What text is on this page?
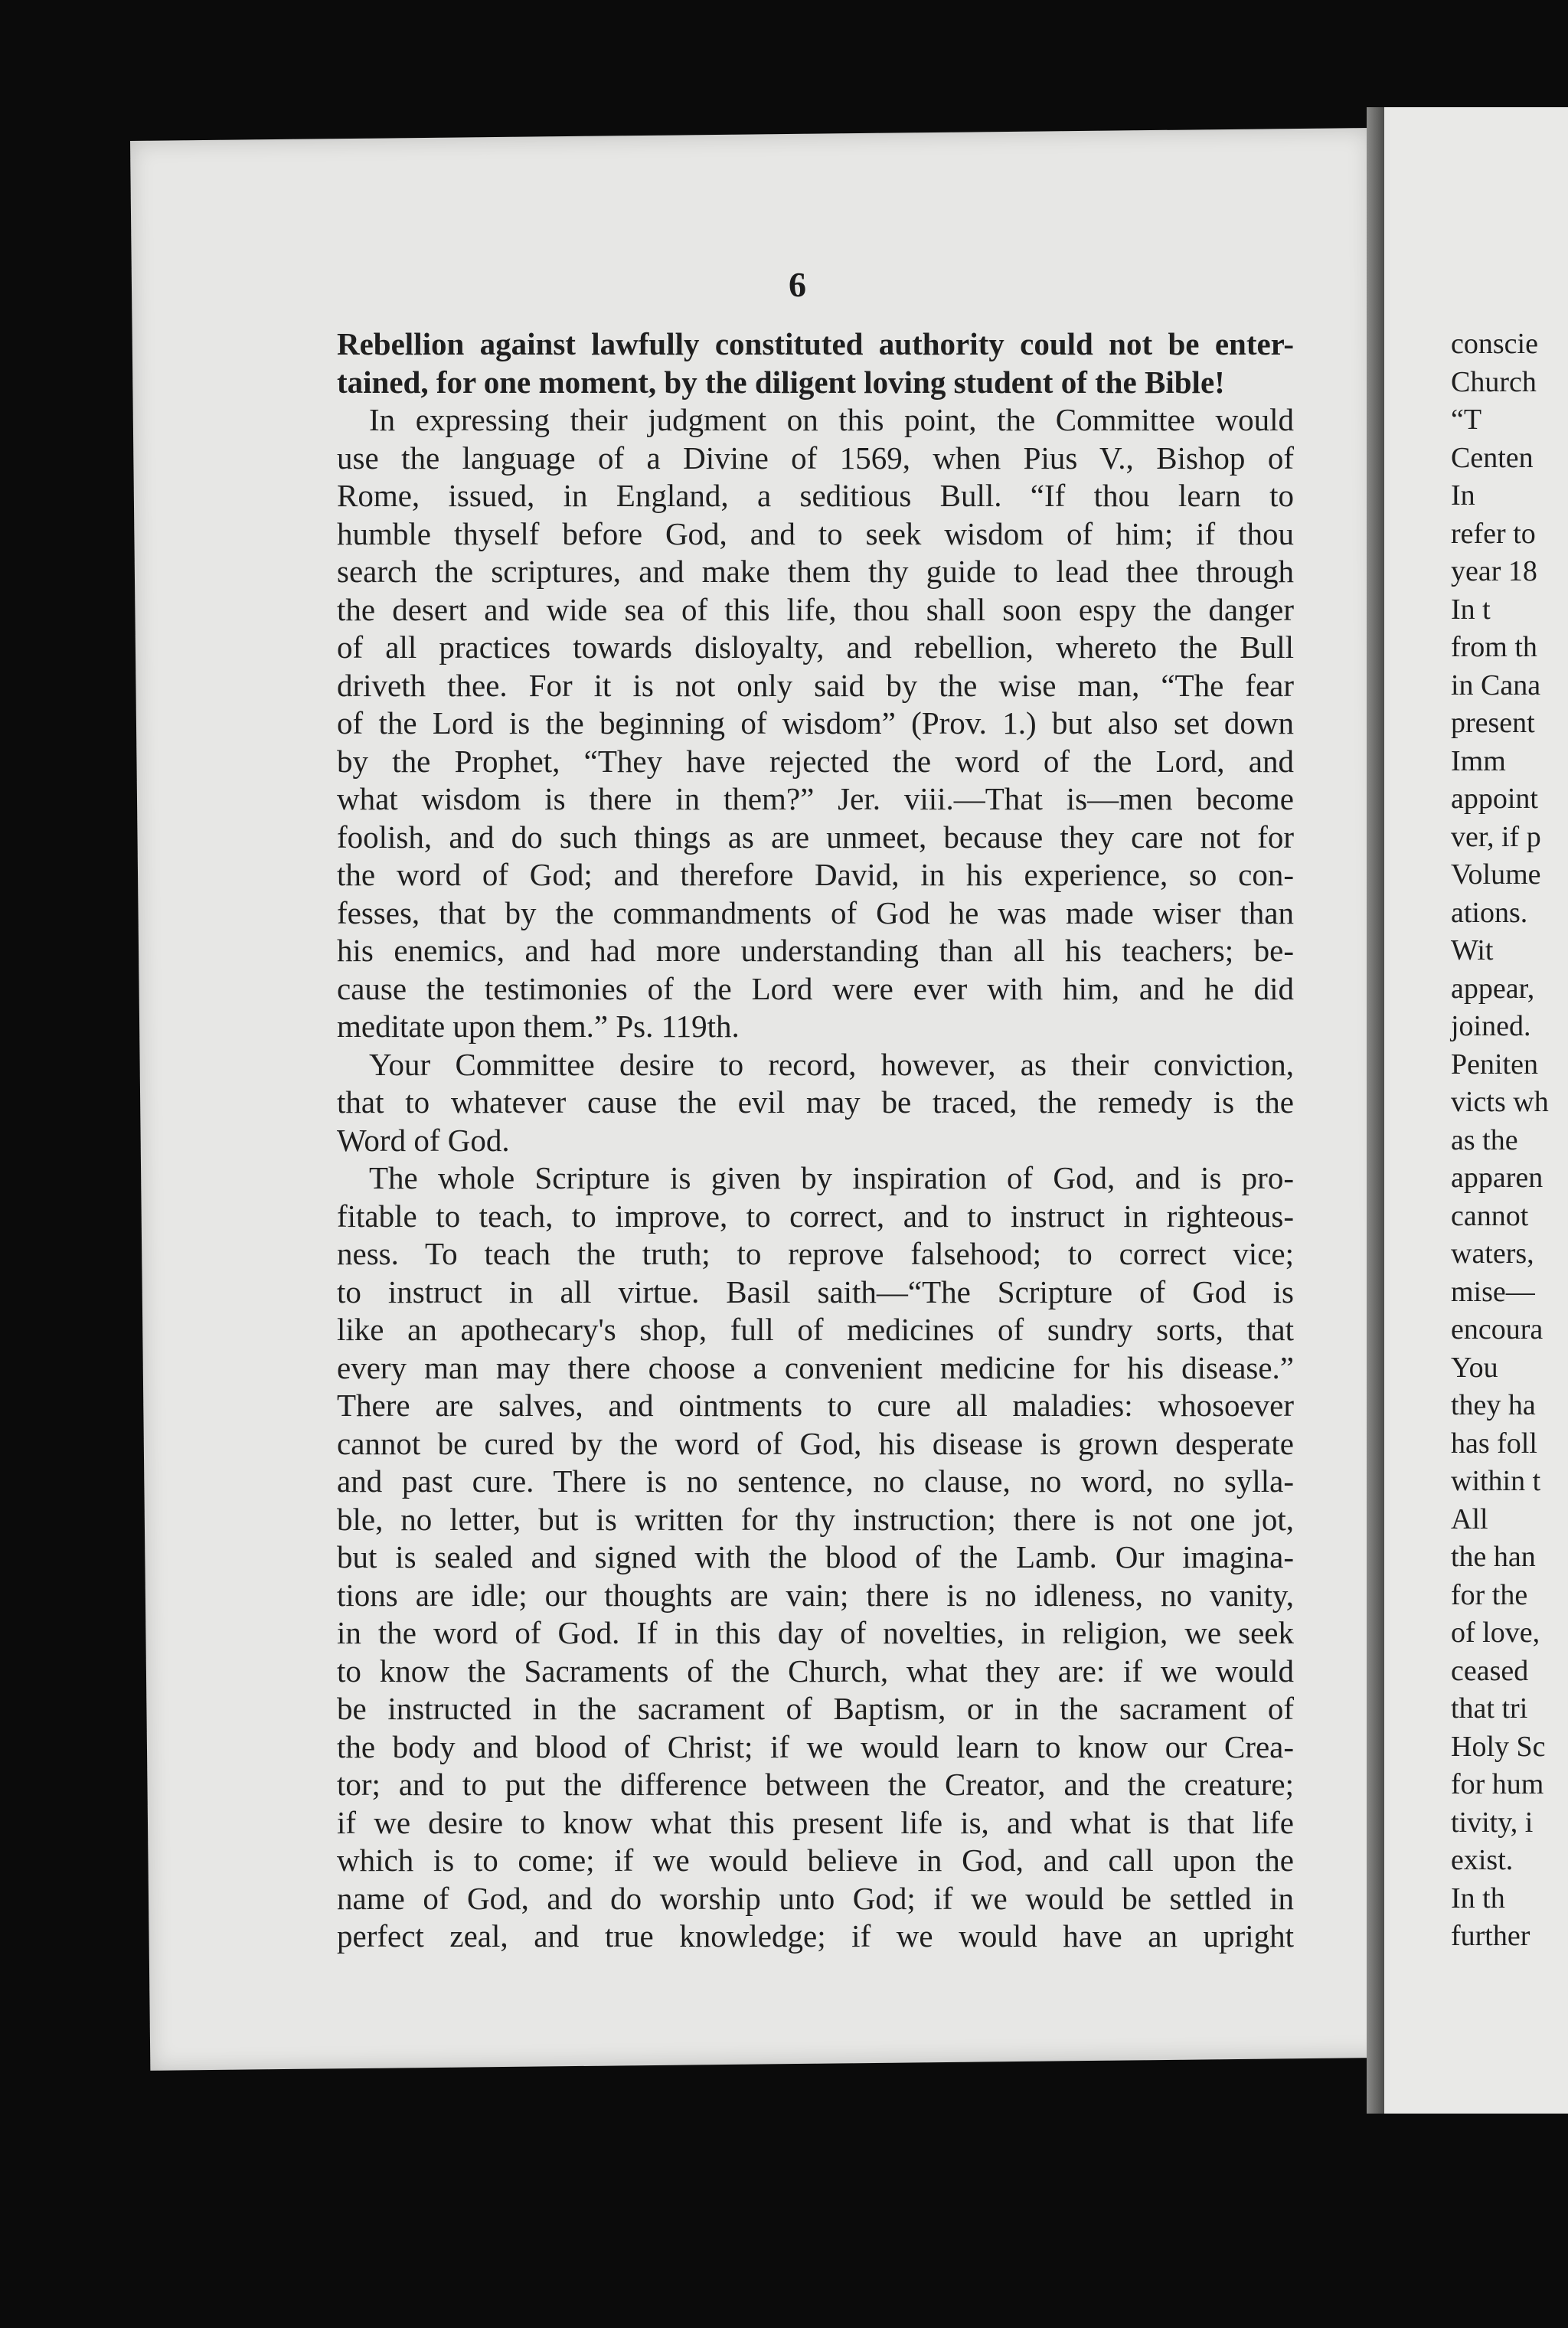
6

Rebellion against lawfully constituted authority could not be enter-
tained, for one moment, by the diligent loving student of the Bible!
In expressing their judgment on this point, the Committee would
use the language of a Divine of 1569, when Pius V., Bishop of
Rome, issued, in England, a seditious Bull. “If thou learn to
humble thyself before God, and to seek wisdom of him; if thou
search the scriptures, and make them thy guide to lead thee through
the desert and wide sea of this life, thou shall soon espy the danger
of all practices towards disloyalty, and rebellion, whereto the Bull
driveth thee. For it is not only said by the wise man, “The fear
of the Lord is the beginning of wisdom” (Prov. 1.) but also set down
by the Prophet, “They have rejected the word of the Lord, and
what wisdom is there in them?” Jer. viii.—That is—men become
foolish, and do such things as are unmeet, because they care not for
the word of God; and therefore David, in his experience, so con-
fesses, that by the commandments of God he was made wiser than
his enemics, and had more understanding than all his teachers; be-
cause the testimonies of the Lord were ever with him, and he did
meditate upon them.” Ps. 119th.
Your Committee desire to record, however, as their conviction,
that to whatever cause the evil may be traced, the remedy is the
Word of God.
The whole Scripture is given by inspiration of God, and is pro-
fitable to teach, to improve, to correct, and to instruct in righteous-
ness. To teach the truth; to reprove falsehood; to correct vice;
to instruct in all virtue. Basil saith—“The Scripture of God is
like an apothecary's shop, full of medicines of sundry sorts, that
every man may there choose a convenient medicine for his disease.”
There are salves, and ointments to cure all maladies: whosoever
cannot be cured by the word of God, his disease is grown desperate
and past cure. There is no sentence, no clause, no word, no sylla-
ble, no letter, but is written for thy instruction; there is not one jot,
but is sealed and signed with the blood of the Lamb. Our imagina-
tions are idle; our thoughts are vain; there is no idleness, no vanity,
in the word of God. If in this day of novelties, in religion, we seek
to know the Sacraments of the Church, what they are: if we would
be instructed in the sacrament of Baptism, or in the sacrament of
the body and blood of Christ; if we would learn to know our Crea-
tor; and to put the difference between the Creator, and the creature;
if we desire to know what this present life is, and what is that life
which is to come; if we would believe in God, and call upon the
name of God, and do worship unto God; if we would be settled in
perfect zeal, and true knowledge; if we would have an upright
conscie
Church
“T
Centen
In
refer to
year 18
In t
from th
in Cana
present
Imm
appoint
ver, if p
Volume
ations.
Wit
appear,
joined.
Peniten
victs wh
as the
apparen
cannot
waters,
mise—
encoura
You
they ha
has foll
within t
All
the han
for the
of love,
ceased
that tri
Holy Sc
for hum
tivity, i
exist.
In th
further
